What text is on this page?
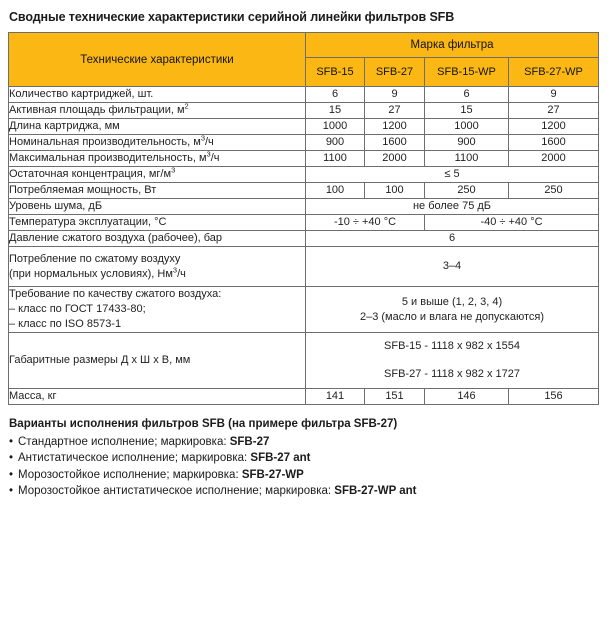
Сводные технические характеристики серийной линейки фильтров SFB
Технические характеристики	Марка фильтра			
	SFB-15	SFB-27	SFB-15-WP	SFB-27-WP
Количество картриджей, шт.	6	9	6	9
Активная площадь фильтрации, $м^2$	15	27	15	27
Длина картриджа, мм	1000	1200	1000	1200
Номинальная производительность, $м^3/ч$	900	1600	900	1600
Максимальная производительность, $м^3/ч$	1100	2000	1100	2000
Остаточная концентрация, $мг/м^3$	≤ 5			
Потребляемая мощность, Вт	100	100	250	250
Уровень шума, дБ	не более 75 дБ			
Температура эксплуатации, °C	-10 ÷ +40 °C		-40 ÷ +40 °C	
Давление сжатого воздуха (рабочее), бар	6			

Потребление по сжатому воздуху
(при нормальных условиях), $Нм^3/ч$	3–4			

Требование по качеству сжатого воздуха:
– класс по ГОСТ 17433-80;
– класс по ISO 8573-1	5 и выше (1, 2, 3, 4)
2–3 (масло и влага не допускаются)			

Габаритные размеры Д х Ш х В, мм	SFB-15 - 1118 x 982 x 1554
SFB-27 - 1118 x 982 x 1727			

Масса, кг	141	151	146	156
Варианты исполнения фильтров SFB (на примере фильтра SFB-27)
• Стандартное исполнение; маркировка: SFB-27
• Антистатическое исполнение; маркировка: SFB-27 ant
• Морозостойкое исполнение; маркировка: SFB-27-WP
• Морозостойкое антистатическое исполнение; маркировка: SFB-27-WP ant
